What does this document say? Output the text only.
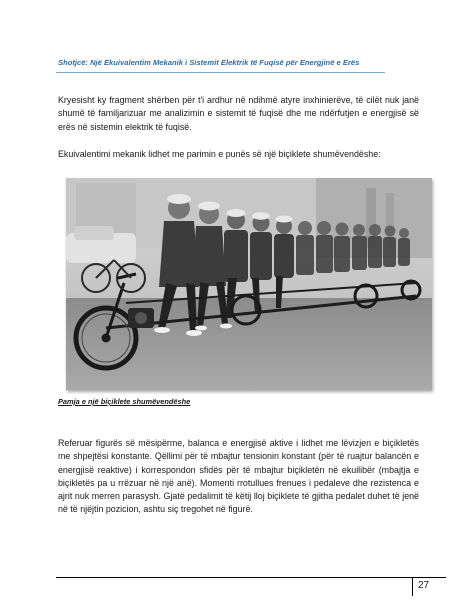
Shotjcë: Një Ekuivalentim Mekanik i Sistemit Elektrik të Fuqisë për Energjinë e Erës

Kryesisht ky fragment shërben për t'i ardhur në ndihmë atyre inxhinierëve, të cilët nuk janë shumë të familjarizuar me analizimin e sistemit të fuqisë dhe me ndërfutjen e energjisë së erës në sistemin elektrik të fuqisë.

Ekuivalentimi mekanik lidhet me parimin e punës së një biçiklete shumëvendëshe:

Pamja e një biçiklete shumëvendëshe

Referuar figurës së mësipërme, balanca e energjisë aktive i lidhet me lëvizjen e biçikletës me shpejtësi konstante. Qëllimi për të mbajtur tensionin konstant (për të ruajtur balancën e energjisë reaktive) i korrespondon sfidës për të mbajtur biçikletën në ekuilibër (mbajtja e biçikletës pa u rrëzuar në një anë). Momenti rrotullues frenues i pedaleve dhe rezistenca e ajrit nuk merren parasysh. Gjatë pedalimit të këtij lloj biçiklete të gjitha pedalet duhet të jenë në të njëjtin pozicion, ashtu siç tregohet në figurë.

27
